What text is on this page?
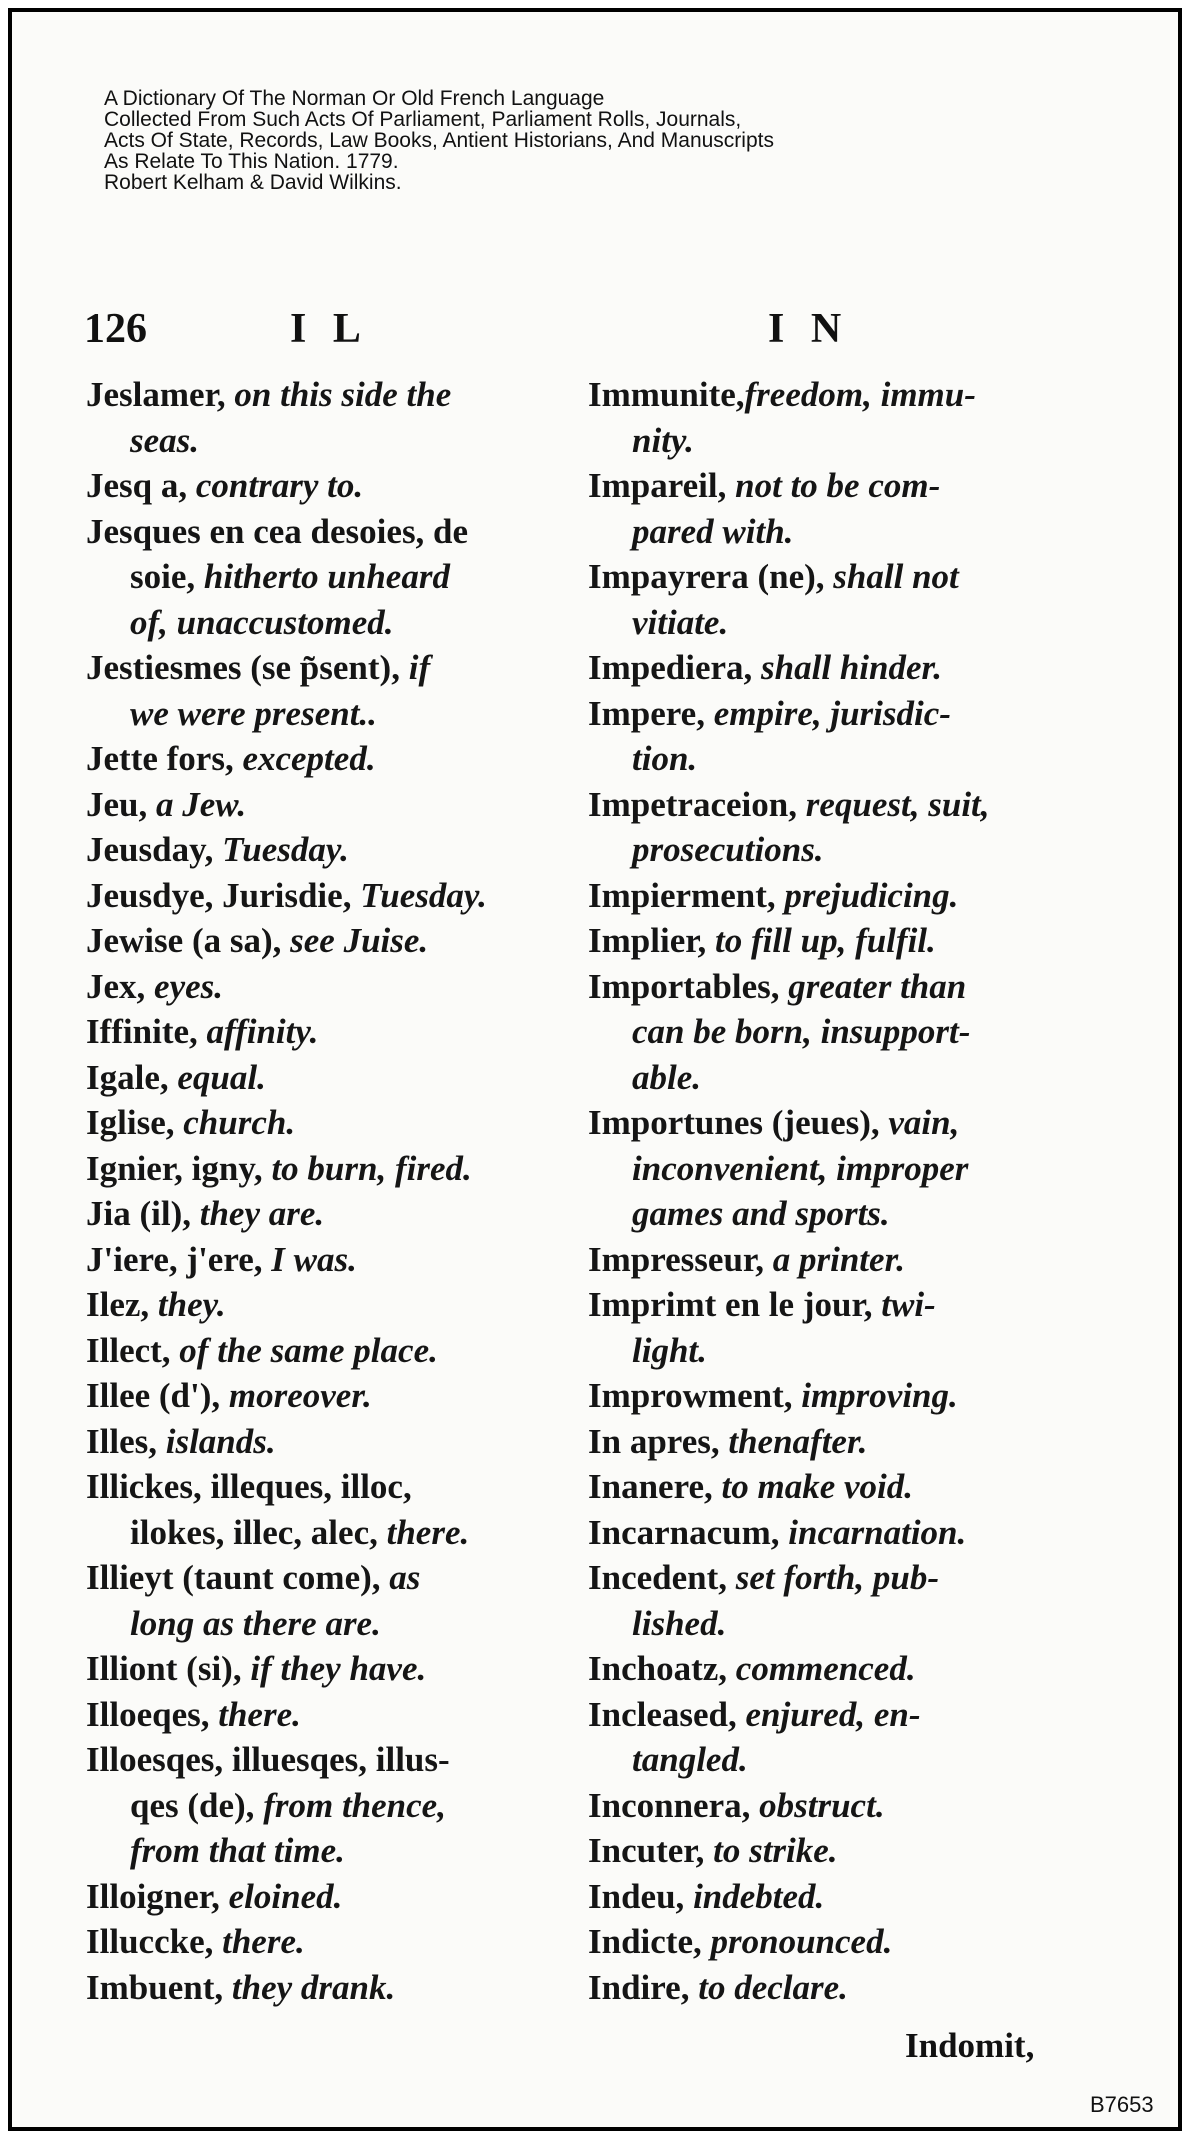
A Dictionary Of The Norman Or Old French Language
Collected From Such Acts Of Parliament, Parliament Rolls, Journals,
Acts Of State, Records, Law Books, Antient Historians, And Manuscripts
As Relate To This Nation. 1779.
Robert Kelham & David Wilkins.
126	I L	I N
Jeslamer, on this side the
seas.
Jesq a, contrary to.
Jesques en cea desoies, de
soie, hitherto unheard
of, unaccustomed.
Jestiesmes (se p̃sent), if
we were present..
Jette fors, excepted.
Jeu, a Jew.
Jeusday, Tuesday.
Jeusdye, Jurisdie, Tuesday.
Jewise (a sa), see Juise.
Jex, eyes.
Iffinite, affinity.
Igale, equal.
Iglise, church.
Ignier, igny, to burn, fired.
Jia (il), they are.
J'iere, j'ere, I was.
Ilez, they.
Illect, of the same place.
Illee (d'), moreover.
Illes, islands.
Illickes, illeques, illoc,
ilokes, illec, alec, there.
Illieyt (taunt come), as
long as there are.
Illiont (si), if they have.
Illoeqes, there.
Illoesqes, illuesqes, illus-
qes (de), from thence,
from that time.
Illoigner, eloined.
Illuccke, there.
Imbuent, they drank.
Immunite,freedom, immu-
nity.
Impareil, not to be com-
pared with.
Impayrera (ne), shall not
vitiate.
Impediera, shall hinder.
Impere, empire, jurisdic-
tion.
Impetraceion, request, suit,
prosecutions.
Impierment, prejudicing.
Implier, to fill up, fulfil.
Importables, greater than
can be born, insupport-
able.
Importunes (jeues), vain,
inconvenient, improper
games and sports.
Impresseur, a printer.
Imprimt en le jour, twi-
light.
Improwment, improving.
In apres, thenafter.
Inanere, to make void.
Incarnacum, incarnation.
Incedent, set forth, pub-
lished.
Inchoatz, commenced.
Incleased, enjured, en-
tangled.
Inconnera, obstruct.
Incuter, to strike.
Indeu, indebted.
Indicte, pronounced.
Indire, to declare.
Indomit,
B7653
